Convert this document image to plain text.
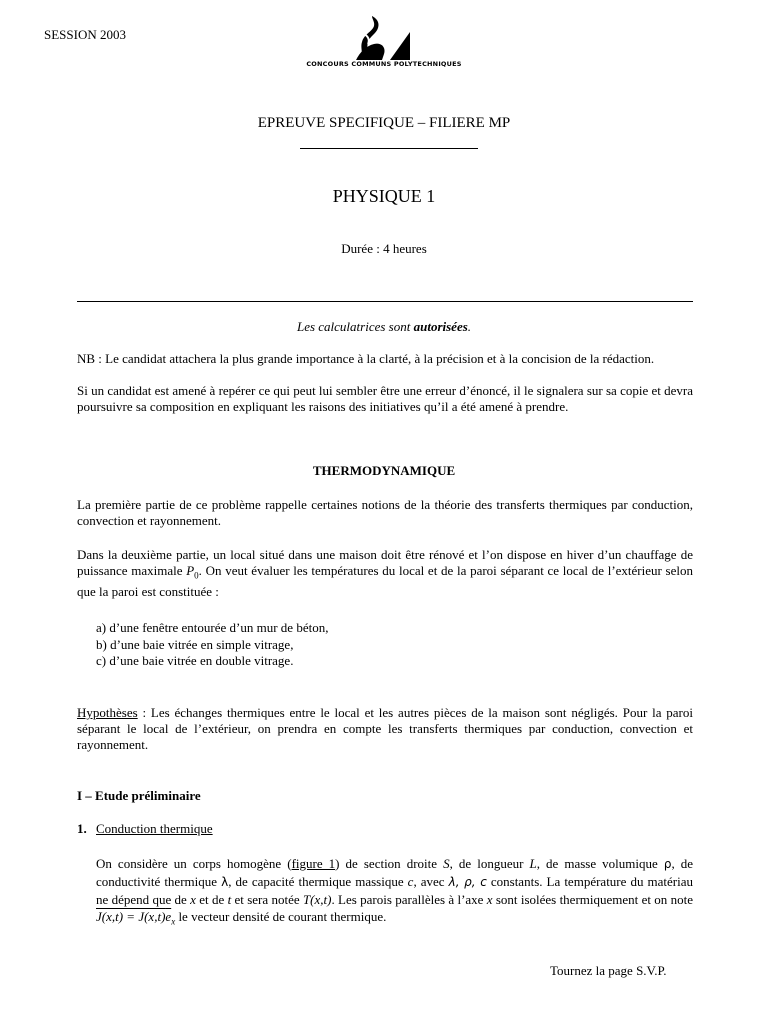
SESSION 2003
CONCOURS COMMUNS POLYTECHNIQUES
EPREUVE SPECIFIQUE – FILIERE MP
PHYSIQUE 1
Durée : 4 heures
Les calculatrices sont autorisées.
NB : Le candidat attachera la plus grande importance à la clarté, à la précision et à la concision de la rédaction.
Si un candidat est amené à repérer ce qui peut lui sembler être une erreur d’énoncé, il le signalera sur sa copie et devra poursuivre sa composition en expliquant les raisons des initiatives qu’il a été amené à prendre.
THERMODYNAMIQUE
La première partie de ce problème rappelle certaines notions de la théorie des transferts thermiques par conduction, convection et rayonnement.
Dans la deuxième partie, un local situé dans une maison doit être rénové et l’on dispose en hiver d’un chauffage de puissance maximale $P_0$. On veut évaluer les températures du local et de la paroi séparant ce local de l’extérieur selon que la paroi est constituée :
a) d’une fenêtre entourée d’un mur de béton,
b) d’une baie vitrée en simple vitrage,
c) d’une baie vitrée en double vitrage.
Hypothèses : Les échanges thermiques entre le local et les autres pièces de la maison sont négligés. Pour la paroi séparant le local de l’extérieur, on prendra en compte les transferts thermiques par conduction, convection et rayonnement.
I – Etude préliminaire
1. Conduction thermique
On considère un corps homogène (figure 1) de section droite S, de longueur L, de masse volumique ρ, de conductivité thermique λ, de capacité thermique massique c, avec λ, ρ, c constants. La température du matériau ne dépend que de x et de t et sera notée T(x,t). Les parois parallèles à l’axe x sont isolées thermiquement et on note $J(x,t) = J(x,t)\overline{e}_x$ le vecteur densité de courant thermique.
Tournez la page S.V.P.
